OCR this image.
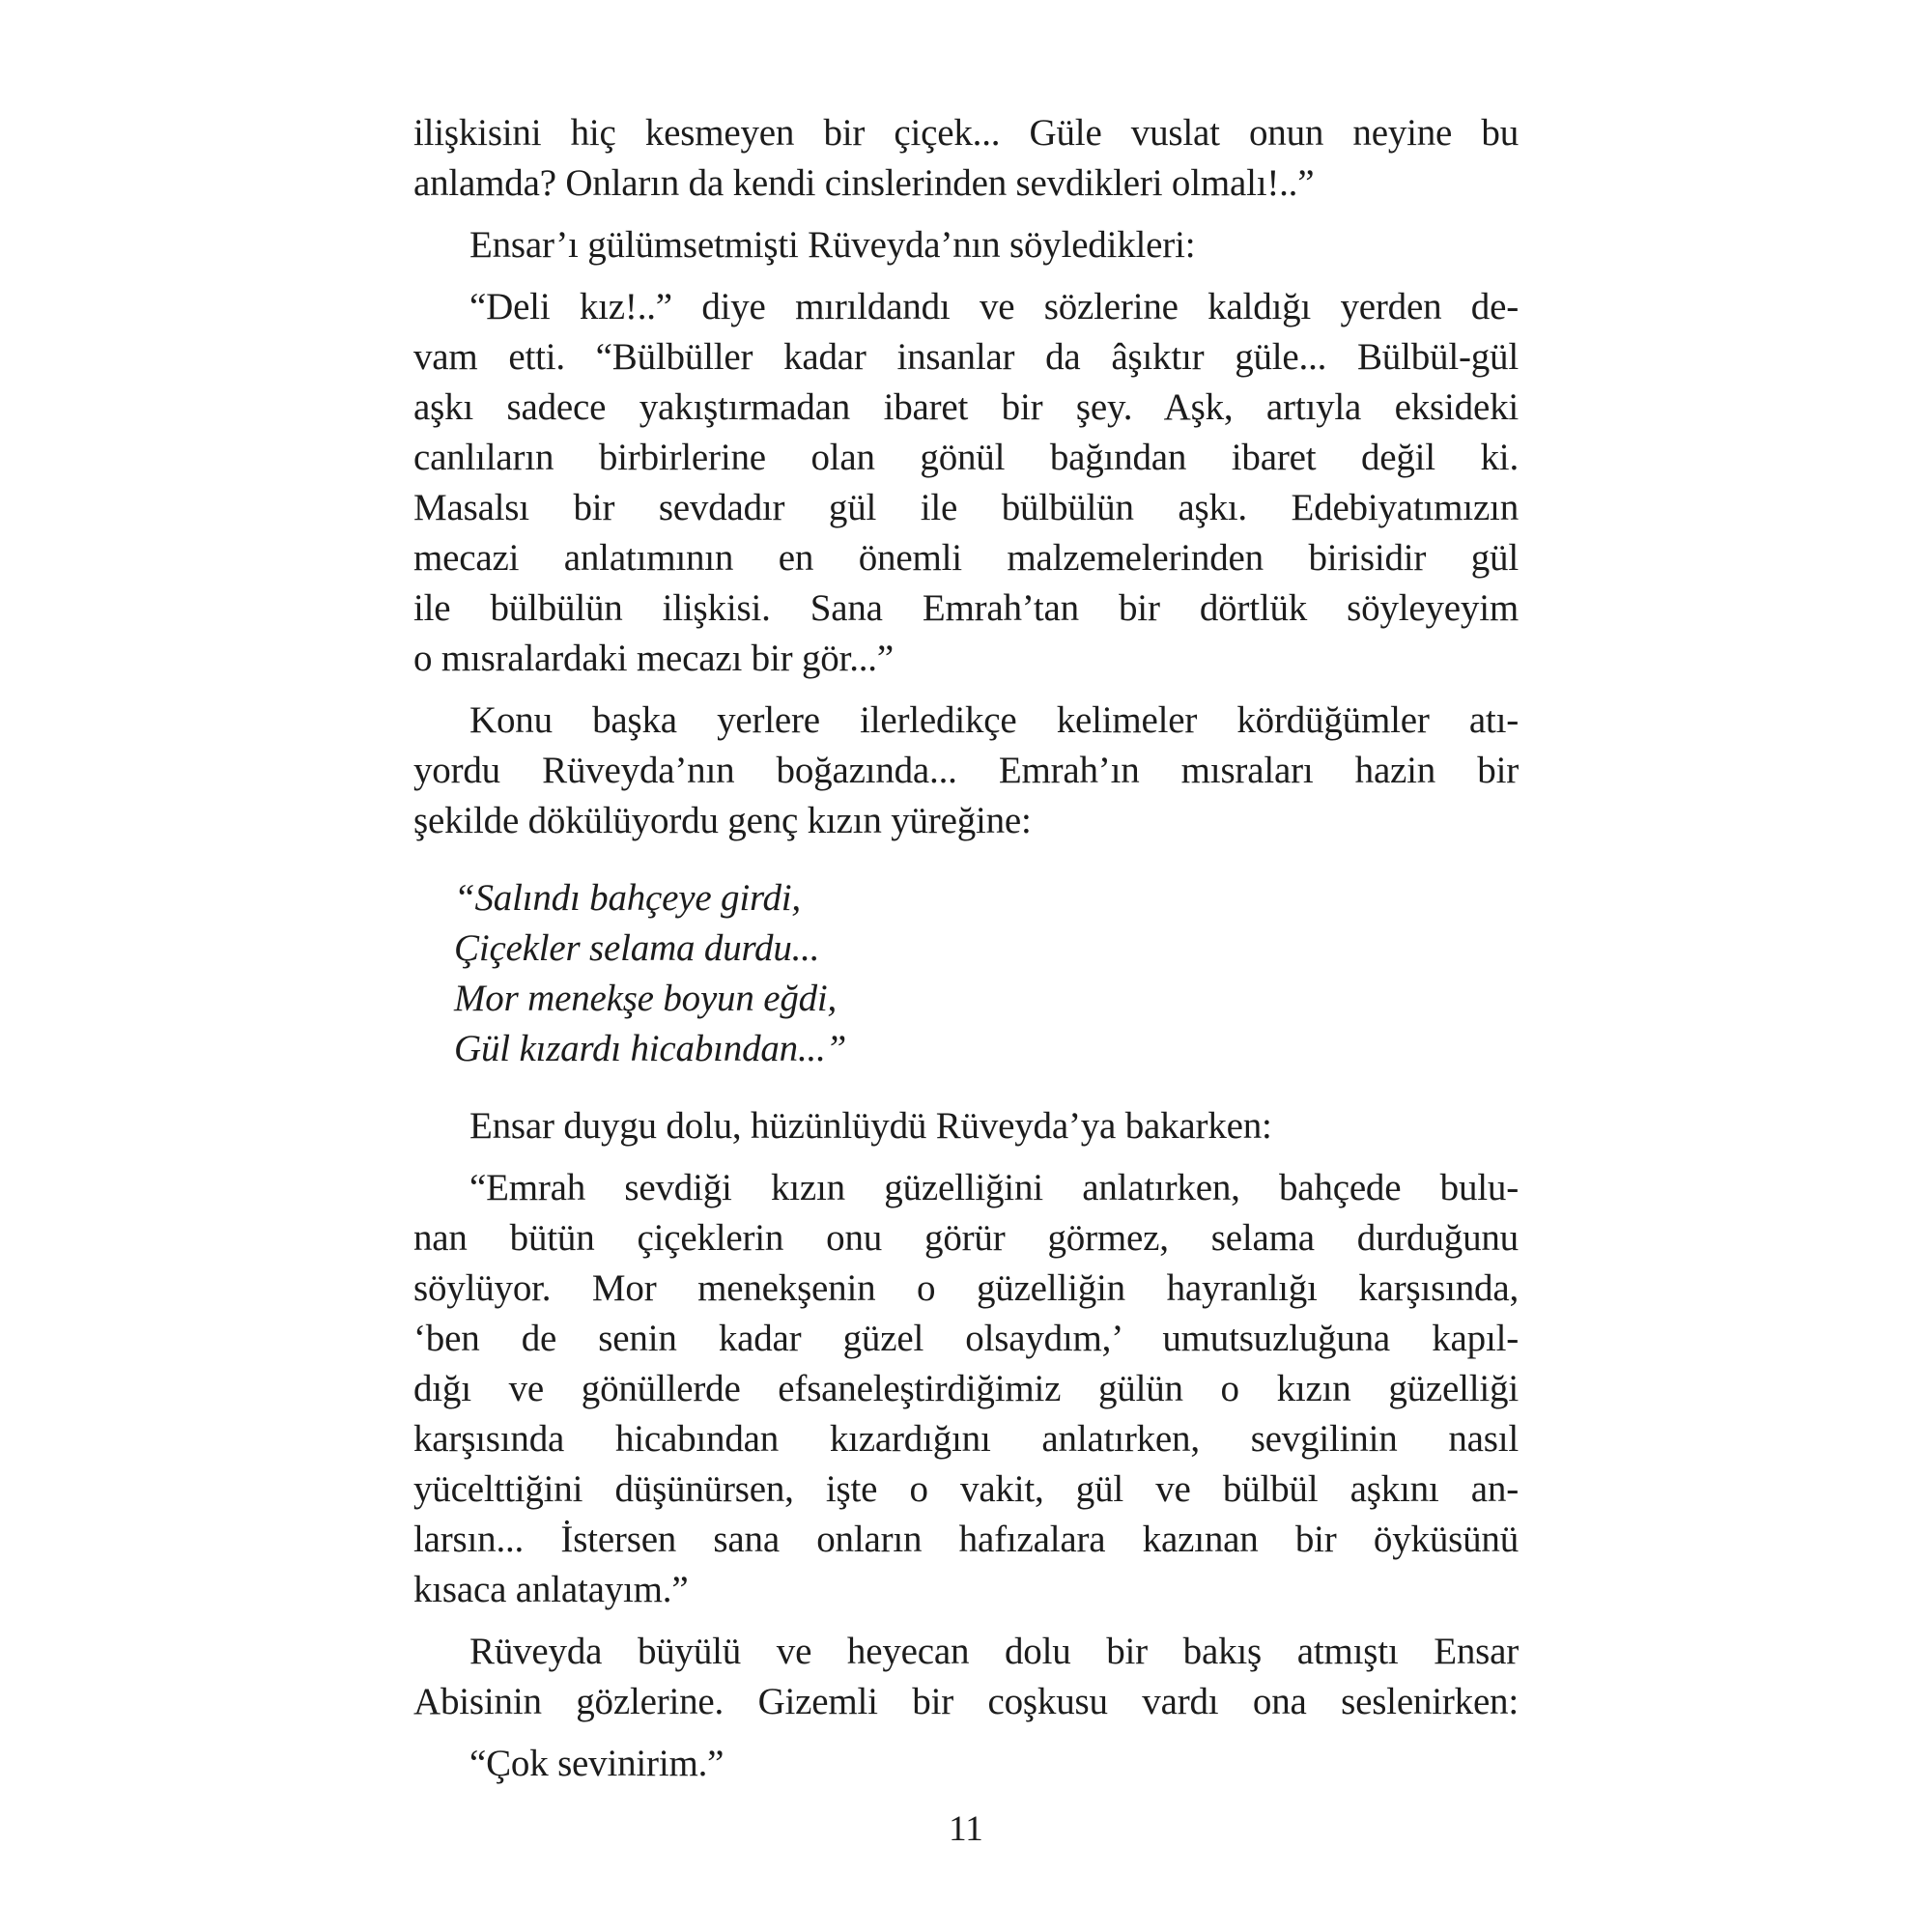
ilişkisini hiç kesmeyen bir çiçek... Güle vuslat onun neyine bu
anlamda? Onların da kendi cinslerinden sevdikleri olmalı!..”
Ensar’ı gülümsetmişti Rüveyda’nın söyledikleri:
“Deli kız!..” diye mırıldandı ve sözlerine kaldığı yerden de-
vam etti. “Bülbüller kadar insanlar da âşıktır güle... Bülbül-gül
aşkı sadece yakıştırmadan ibaret bir şey. Aşk, artıyla eksideki
canlıların birbirlerine olan gönül bağından ibaret değil ki.
Masalsı bir sevdadır gül ile bülbülün aşkı. Edebiyatımızın
mecazi anlatımının en önemli malzemelerinden birisidir gül
ile bülbülün ilişkisi. Sana Emrah’tan bir dörtlük söyleyeyim
o mısralardaki mecazı bir gör...”
Konu başka yerlere ilerledikçe kelimeler kördüğümler atı-
yordu Rüveyda’nın boğazında... Emrah’ın mısraları hazin bir
şekilde dökülüyordu genç kızın yüreğine:
“Salındı bahçeye girdi,
Çiçekler selama durdu...
Mor menekşe boyun eğdi,
Gül kızardı hicabından...”
Ensar duygu dolu, hüzünlüydü Rüveyda’ya bakarken:
“Emrah sevdiği kızın güzelliğini anlatırken, bahçede bulu-
nan bütün çiçeklerin onu görür görmez, selama durduğunu
söylüyor. Mor menekşenin o güzelliğin hayranlığı karşısında,
‘ben de senin kadar güzel olsaydım,’ umutsuzluğuna kapıl-
dığı ve gönüllerde efsaneleştirdiğimiz gülün o kızın güzelliği
karşısında hicabından kızardığını anlatırken, sevgilinin nasıl
yücelttiğini düşünürsen, işte o vakit, gül ve bülbül aşkını an-
larsın... İstersen sana onların hafızalara kazınan bir öyküsünü
kısaca anlatayım.”
Rüveyda büyülü ve heyecan dolu bir bakış atmıştı Ensar
Abisinin gözlerine. Gizemli bir coşkusu vardı ona seslenirken:
“Çok sevinirim.”
11
